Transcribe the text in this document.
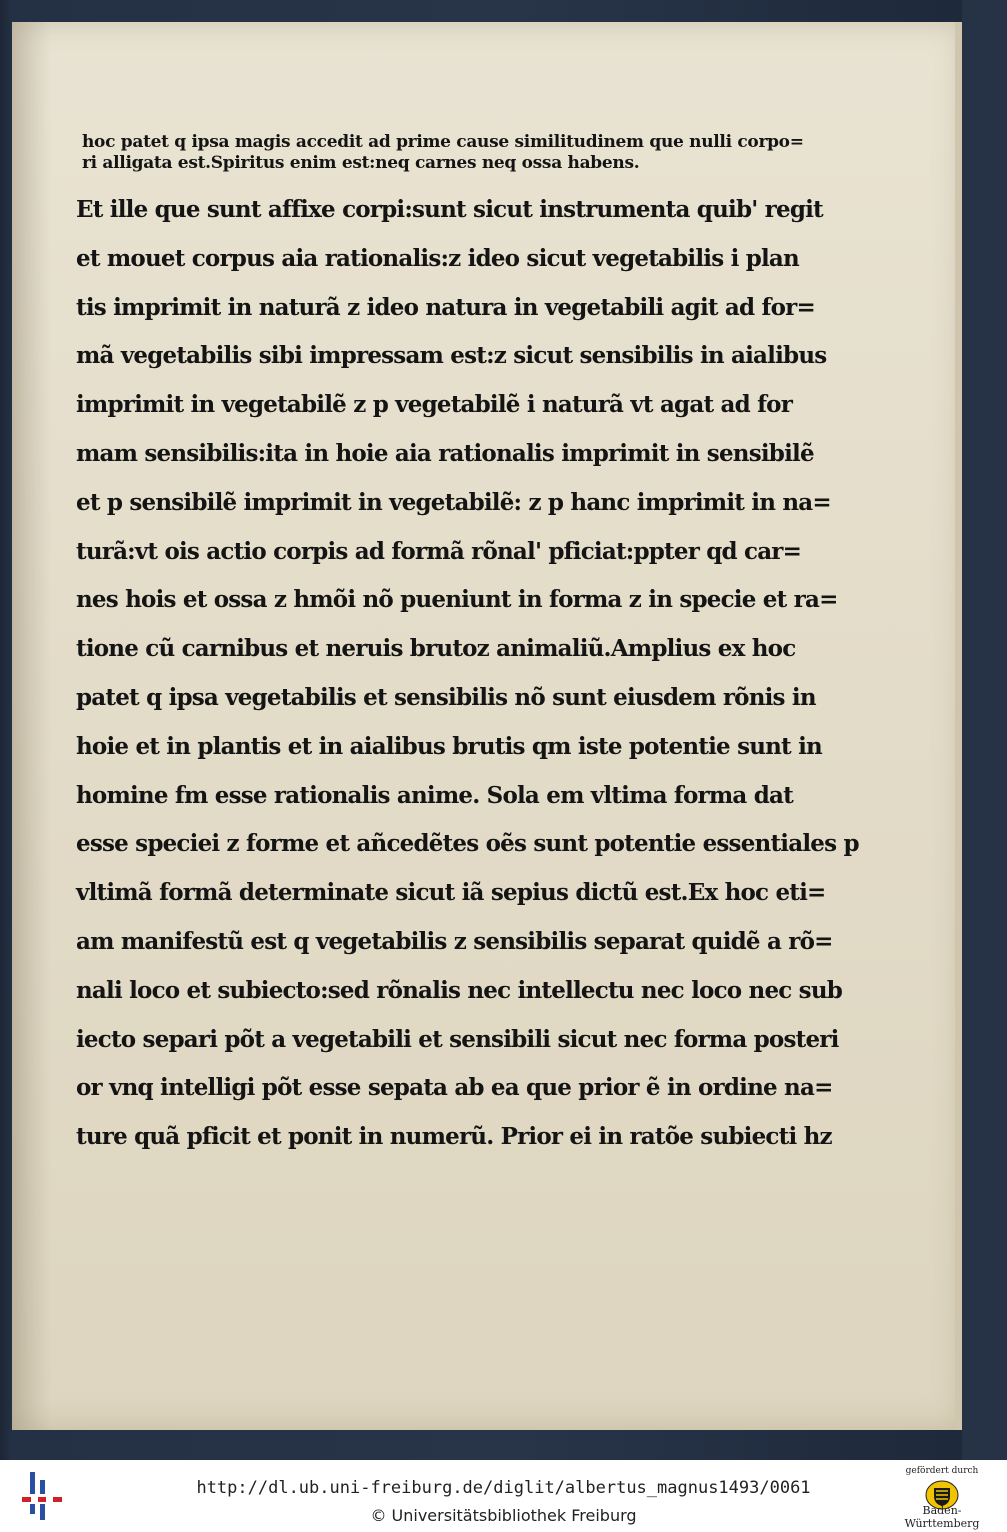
hoc patet q ipsa magis accedit ad prime cause similitudinem que nulli corpo=
ri alligata est.Spiritus enim est:neq carnes neq ossa habens.
Et ille que sunt affixe corpi:sunt sicut instrumenta quib' regit
et mouet corpus aia rationalis:z ideo sicut vegetabilis i plan
tis imprimit in naturã z ideo natura in vegetabili agit ad for=
mã vegetabilis sibi impressam est:z sicut sensibilis in aialibus
imprimit in vegetabilẽ z p vegetabilẽ i naturã vt agat ad for
mam sensibilis:ita in hoie aia rationalis imprimit in sensibilẽ
et p sensibilẽ imprimit in vegetabilẽ: z p hanc imprimit in na=
turã:vt ois actio corpis ad formã rõnal' pficiat:ppter qd car=
nes hois et ossa z hmõi nõ pueniunt in forma z in specie et ra=
tione cũ carnibus et neruis brutoz animaliũ.Amplius ex hoc
patet q ipsa vegetabilis et sensibilis nõ sunt eiusdem rõnis in
hoie et in plantis et in aialibus brutis qm iste potentie sunt in
homine fm esse rationalis anime. Sola em vltima forma dat
esse speciei z forme et añcedẽtes oẽs sunt potentie essentiales p
vltimã formã determinate sicut iã sepius dictũ est.Ex hoc eti=
am manifestũ est q vegetabilis z sensibilis separat quidẽ a rõ=
nali loco et subiecto:sed rõnalis nec intellectu nec loco nec sub
iecto separi põt a vegetabili et sensibili sicut nec forma posteri
or vnq intelligi põt esse sepata ab ea que prior ẽ in ordine na=
ture quã pficit et ponit in numerũ. Prior ei in ratõe subiecti hz
http://dl.ub.uni-freiburg.de/diglit/albertus_magnus1493/0061
© Universitätsbibliothek Freiburg
gefördert durch
Baden-Württemberg
